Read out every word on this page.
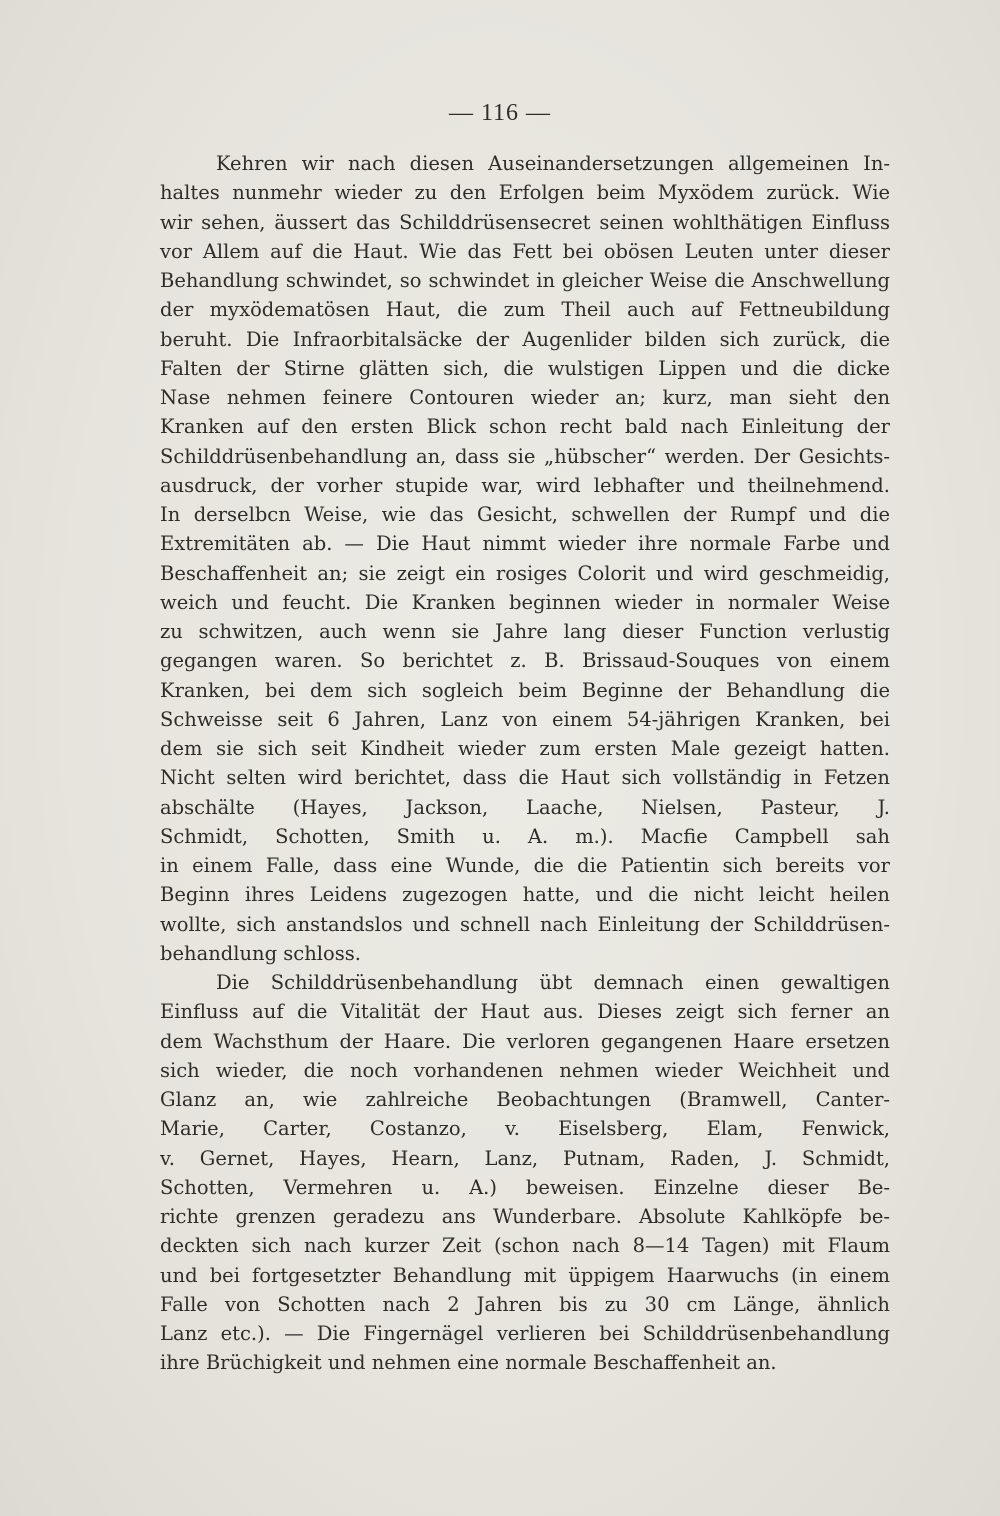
— 116 —
Kehren wir nach diesen Auseinandersetzungen allgemeinen In-
haltes nunmehr wieder zu den Erfolgen beim Myxödem zurück. Wie
wir sehen, äussert das Schilddrüsensecret seinen wohlthätigen Einfluss
vor Allem auf die Haut. Wie das Fett bei obösen Leuten unter dieser
Behandlung schwindet, so schwindet in gleicher Weise die Anschwellung
der myxödematösen Haut, die zum Theil auch auf Fettneubildung
beruht. Die Infraorbitalsäcke der Augenlider bilden sich zurück, die
Falten der Stirne glätten sich, die wulstigen Lippen und die dicke
Nase nehmen feinere Contouren wieder an; kurz, man sieht den
Kranken auf den ersten Blick schon recht bald nach Einleitung der
Schilddrüsenbehandlung an, dass sie „hübscher“ werden. Der Gesichts-
ausdruck, der vorher stupide war, wird lebhafter und theilnehmend.
In derselbcn Weise, wie das Gesicht, schwellen der Rumpf und die
Extremitäten ab. — Die Haut nimmt wieder ihre normale Farbe und
Beschaffenheit an; sie zeigt ein rosiges Colorit und wird geschmeidig,
weich und feucht. Die Kranken beginnen wieder in normaler Weise
zu schwitzen, auch wenn sie Jahre lang dieser Function verlustig
gegangen waren. So berichtet z. B. Brissaud-Souques von einem
Kranken, bei dem sich sogleich beim Beginne der Behandlung die
Schweisse seit 6 Jahren, Lanz von einem 54-jährigen Kranken, bei
dem sie sich seit Kindheit wieder zum ersten Male gezeigt hatten.
Nicht selten wird berichtet, dass die Haut sich vollständig in Fetzen
abschälte (Hayes, Jackson, Laache, Nielsen, Pasteur, J.
Schmidt, Schotten, Smith u. A. m.). Macfie Campbell sah
in einem Falle, dass eine Wunde, die die Patientin sich bereits vor
Beginn ihres Leidens zugezogen hatte, und die nicht leicht heilen
wollte, sich anstandslos und schnell nach Einleitung der Schilddrüsen-
behandlung schloss.
Die Schilddrüsenbehandlung übt demnach einen gewaltigen
Einfluss auf die Vitalität der Haut aus. Dieses zeigt sich ferner an
dem Wachsthum der Haare. Die verloren gegangenen Haare ersetzen
sich wieder, die noch vorhandenen nehmen wieder Weichheit und
Glanz an, wie zahlreiche Beobachtungen (Bramwell, Canter-
Marie, Carter, Costanzo, v. Eiselsberg, Elam, Fenwick,
v. Gernet, Hayes, Hearn, Lanz, Putnam, Raden, J. Schmidt,
Schotten, Vermehren u. A.) beweisen. Einzelne dieser Be-
richte grenzen geradezu ans Wunderbare. Absolute Kahlköpfe be-
deckten sich nach kurzer Zeit (schon nach 8—14 Tagen) mit Flaum
und bei fortgesetzter Behandlung mit üppigem Haarwuchs (in einem
Falle von Schotten nach 2 Jahren bis zu 30 cm Länge, ähnlich
Lanz etc.). — Die Fingernägel verlieren bei Schilddrüsenbehandlung
ihre Brüchigkeit und nehmen eine normale Beschaffenheit an.
